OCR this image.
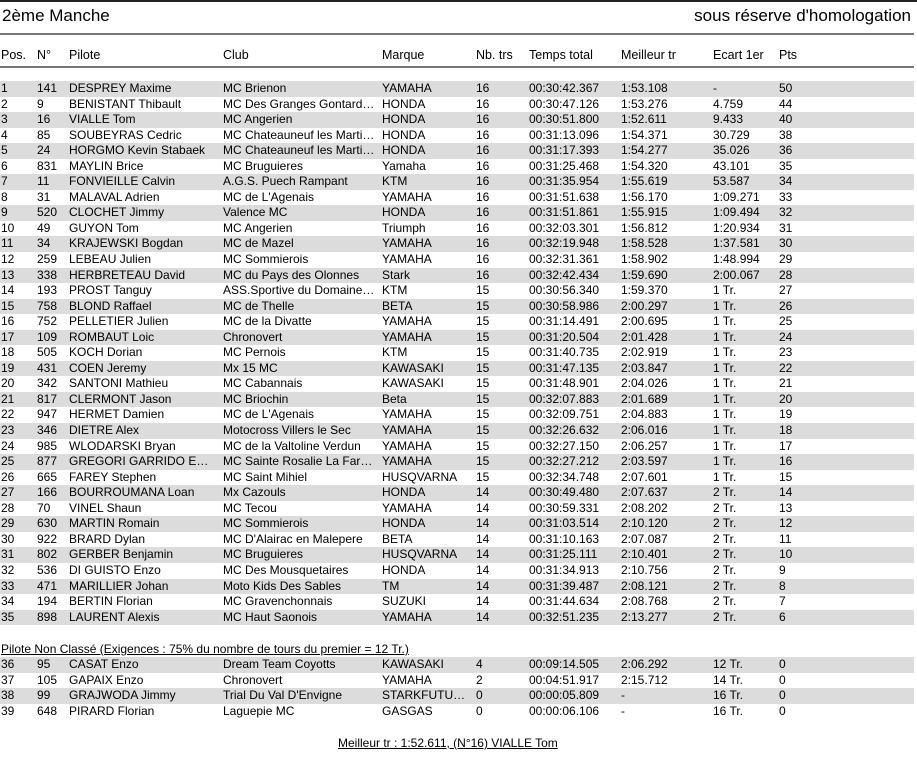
2ème Manche	sous réserve d'homologation
Pos. N° Pilote	Club	Marque	Nb. trs Temps total Meilleur tr	Ecart 1er Pts
1 141 DESPREY Maxime	MC Brienon	YAMAHA	16	00:30:42.367 1:53.108	-	50
2 9 BENISTANT Thibault	MC Des Granges Gontard… HONDA	16	00:30:47.126 1:53.276	4.759	44
3 16 VIALLE Tom	MC Angerien	HONDA	16	00:30:51.800 1:52.611	9.433	40
4 85 SOUBEYRAS Cedric	MC Chateauneuf les Marti… HONDA	16	00:31:13.096 1:54.371	30.729 38
5 24 HORGMO Kevin Stabaek	MC Chateauneuf les Marti… HONDA	16	00:31:17.393 1:54.277	35.026 36
6 831 MAYLIN Brice	MC Bruguieres	Yamaha	16	00:31:25.468 1:54.320	43.101 35
7 11 FONVIEILLE Calvin	A.G.S. Puech Rampant	KTM	16	00:31:35.954 1:55.619	53.587 34
8 31 MALAVAL Adrien	MC de L'Agenais	YAMAHA	16	00:31:51.638 1:56.170	1:09.271 33
9 520 CLOCHET Jimmy	Valence MC	HONDA	16	00:31:51.861 1:55.915	1:09.494 32
10 49 GUYON Tom	MC Angerien	Triumph	16	00:32:03.301 1:56.812	1:20.934 31
11 34 KRAJEWSKI Bogdan	MC de Mazel	YAMAHA	16	00:32:19.948 1:58.528	1:37.581 30
12 259 LEBEAU Julien	MC Sommierois	YAMAHA	16	00:32:31.361 1:58.902	1:48.994 29
13 338 HERBRETEAU David	MC du Pays des Olonnes	Stark	16	00:32:42.434 1:59.690	2:00.067 28
14 193 PROST Tanguy	ASS.Sportive du Domaine… KTM	15	00:30:56.340 1:59.370	1 Tr.	27
15 758 BLOND Raffael	MC de Thelle	BETA	15	00:30:58.986 2:00.297	1 Tr.	26
16 752 PELLETIER Julien	MC de la Divatte	YAMAHA	15	00:31:14.491 2:00.695	1 Tr.	25
17 109 ROMBAUT Loic	Chronovert	YAMAHA	15	00:31:20.504 2:01.428	1 Tr.	24
18 505 KOCH Dorian	MC Pernois	KTM	15	00:31:40.735 2:02.919	1 Tr.	23
19 431 COEN Jeremy	Mx 15 MC	KAWASAKI	15	00:31:47.135 2:03.847	1 Tr.	22
20 342 SANTONI Mathieu	MC Cabannais	KAWASAKI	15	00:31:48.901 2:04.026	1 Tr.	21
21 817 CLERMONT Jason	MC Briochin	Beta	15	00:32:07.883 2:01.689	1 Tr.	20
22 947 HERMET Damien	MC de L'Agenais	YAMAHA	15	00:32:09.751 2:04.883	1 Tr.	19
23 346 DIETRE Alex	Motocross Villers le Sec	YAMAHA	15	00:32:26.632 2:06.016	1 Tr.	18
24 985 WLODARSKI Bryan	MC de la Valtoline Verdun	YAMAHA	15	00:32:27.150 2:06.257	1 Tr.	17
25 877 GREGORI GARRIDO E…	MC Sainte Rosalie La Far… YAMAHA	15	00:32:27.212 2:03.597	1 Tr.	16
26 665 FAREY Stephen	MC Saint Mihiel	HUSQVARNA	15	00:32:34.748 2:07.601	1 Tr.	15
27 166 BOURROUMANA Loan	Mx Cazouls	HONDA	14	00:30:49.480 2:07.637	2 Tr.	14
28 70 VINEL Shaun	MC Tecou	YAMAHA	14	00:30:59.331 2:08.202	2 Tr.	13
29 630 MARTIN Romain	MC Sommierois	HONDA	14	00:31:03.514 2:10.120	2 Tr.	12
30 922 BRARD Dylan	MC D'Alairac en Malepere	BETA	14	00:31:10.163 2:07.087	2 Tr.	11
31 802 GERBER Benjamin	MC Bruguieres	HUSQVARNA	14	00:31:25.111 2:10.401	2 Tr.	10
32 536 DI GUISTO Enzo	MC Des Mousquetaires	HONDA	14	00:31:34.913 2:10.756	2 Tr.	9
33 471 MARILLIER Johan	Moto Kids Des Sables	TM	14	00:31:39.487 2:08.121	2 Tr.	8
34 194 BERTIN Florian	MC Gravenchonnais	SUZUKI	14	00:31:44.634 2:08.768	2 Tr.	7
35 898 LAURENT Alexis	MC Haut Saonois	YAMAHA	14	00:32:51.235 2:13.277	2 Tr.	6
Pilote Non Classé (Exigences : 75% du nombre de tours du premier = 12 Tr.)
36 95 CASAT Enzo	Dream Team Coyotts	KAWASAKI	4	00:09:14.505 2:06.292	12 Tr.	0
37 105 GAPAIX Enzo	Chronovert	YAMAHA	2	00:04:51.917 2:15.712	14 Tr.	0
38 99 GRAJWODA Jimmy	Trial Du Val D'Envigne	STARKFUTU… 0	00:00:05.809 -	16 Tr.	0
39 648 PIRARD Florian	Laguepie MC	GASGAS	0	00:00:06.106 -	16 Tr.	0
Meilleur tr : 1:52.611, (N°16) VIALLE Tom
